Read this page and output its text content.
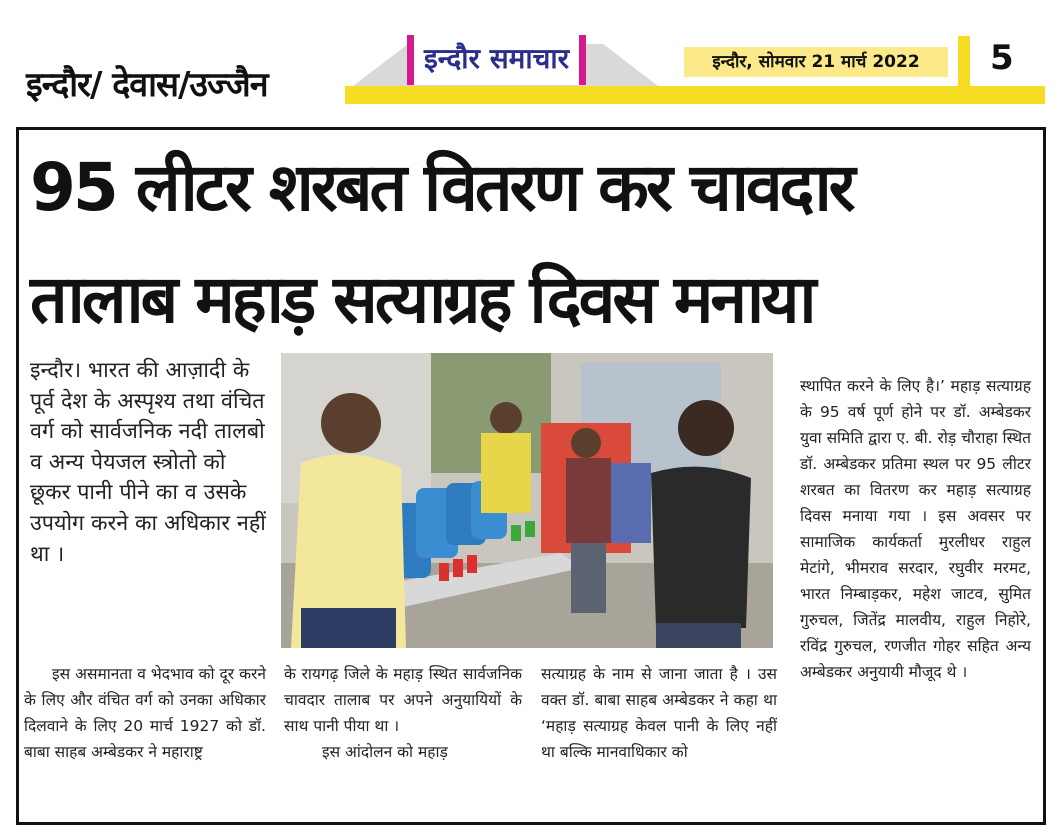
इन्दौर/ देवास/उज्जैन
इन्दौर समाचार	इन्दौर, सोमवार 21 मार्च 2022	5
95 लीटर शरबत वितरण कर चावदार
तालाब महाड़ सत्याग्रह दिवस मनाया
इन्दौर। भारत की आज़ादी के पूर्व देश के अस्पृश्य तथा वंचित वर्ग को सार्वजनिक नदी तालबो व अन्य पेयजल स्त्रोतो को छूकर पानी पीने का व उसके उपयोग करने का अधिकार नहीं था ।

इस असमानता व भेदभाव को दूर करने के लिए और वंचित वर्ग को उनका अधिकार दिलवाने के लिए 20 मार्च 1927 को डॉ. बाबा साहब अम्बेडकर ने महाराष्ट्र

के रायगढ़ जिले के महाड़ स्थित सार्वजनिक चावदार तालाब पर अपने अनुयायियों के साथ पानी पीया था ।

इस आंदोलन को महाड़

सत्याग्रह के नाम से जाना जाता है । उस वक्त डॉ. बाबा साहब अम्बेडकर ने कहा था ‘महाड़ सत्याग्रह केवल पानी के लिए नहीं था बल्कि मानवाधिकार को

स्थापित करने के लिए है।’ महाड़ सत्याग्रह के 95 वर्ष पूर्ण होने पर डॉ. अम्बेडकर युवा समिति द्वारा ए. बी. रोड़ चौराहा स्थित डॉ. अम्बेडकर प्रतिमा स्थल पर 95 लीटर शरबत का वितरण कर महाड़ सत्याग्रह दिवस मनाया गया । इस अवसर पर सामाजिक कार्यकर्ता मुरलीधर राहुल मेटांगे, भीमराव सरदार, रघुवीर मरमट, भारत निम्बाड़कर, महेश जाटव, सुमित गुरुचल, जितेंद्र मालवीय, राहुल निहोरे, रविंद्र गुरुचल, रणजीत गोहर सहित अन्य अम्बेडकर अनुयायी मौजूद थे ।
